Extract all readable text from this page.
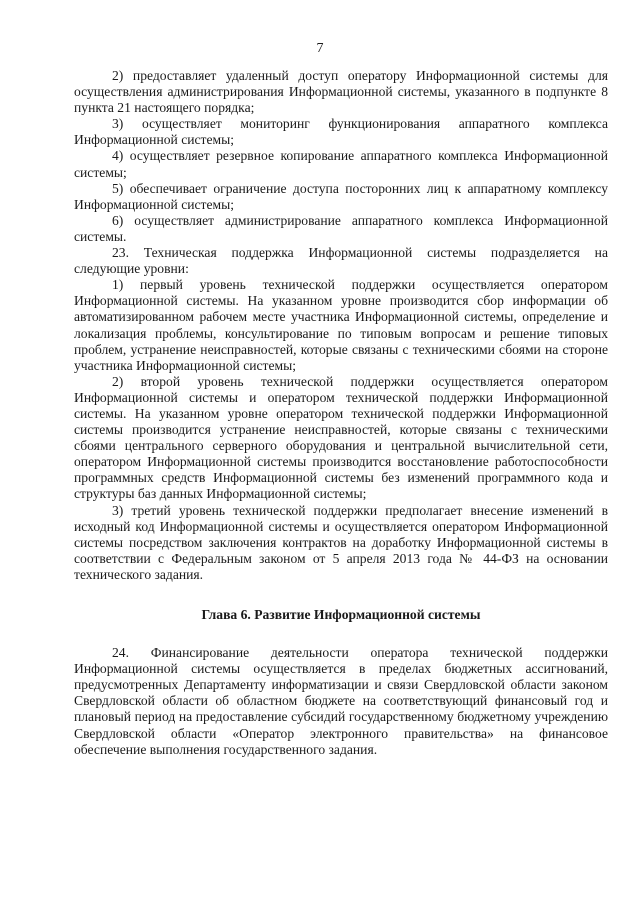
7

2) предоставляет удаленный доступ оператору Информационной системы для осуществления администрирования Информационной системы, указанного в подпункте 8 пункта 21 настоящего порядка;

3) осуществляет мониторинг функционирования аппаратного комплекса Информационной системы;

4) осуществляет резервное копирование аппаратного комплекса Информационной системы;

5) обеспечивает ограничение доступа посторонних лиц к аппаратному комплексу Информационной системы;

6) осуществляет администрирование аппаратного комплекса Информационной системы.

23. Техническая поддержка Информационной системы подразделяется на следующие уровни:

1) первый уровень технической поддержки осуществляется оператором Информационной системы. На указанном уровне производится сбор информации об автоматизированном рабочем месте участника Информационной системы, определение и локализация проблемы, консультирование по типовым вопросам и решение типовых проблем, устранение неисправностей, которые связаны с техническими сбоями на стороне участника Информационной системы;

2) второй уровень технической поддержки осуществляется оператором Информационной системы и оператором технической поддержки Информационной системы. На указанном уровне оператором технической поддержки Информационной системы производится устранение неисправностей, которые связаны с техническими сбоями центрального серверного оборудования и центральной вычислительной сети, оператором Информационной системы производится восстановление работоспособности программных средств Информационной системы без изменений программного кода и структуры баз данных Информационной системы;

3) третий уровень технической поддержки предполагает внесение изменений в исходный код Информационной системы и осуществляется оператором Информационной системы посредством заключения контрактов на доработку Информационной системы в соответствии с Федеральным законом от 5 апреля 2013 года № 44-ФЗ на основании технического задания.

Глава 6. Развитие Информационной системы

24. Финансирование деятельности оператора технической поддержки Информационной системы осуществляется в пределах бюджетных ассигнований, предусмотренных Департаменту информатизации и связи Свердловской области законом Свердловской области об областном бюджете на соответствующий финансовый год и плановый период на предоставление субсидий государственному бюджетному учреждению Свердловской области «Оператор электронного правительства» на финансовое обеспечение выполнения государственного задания.
